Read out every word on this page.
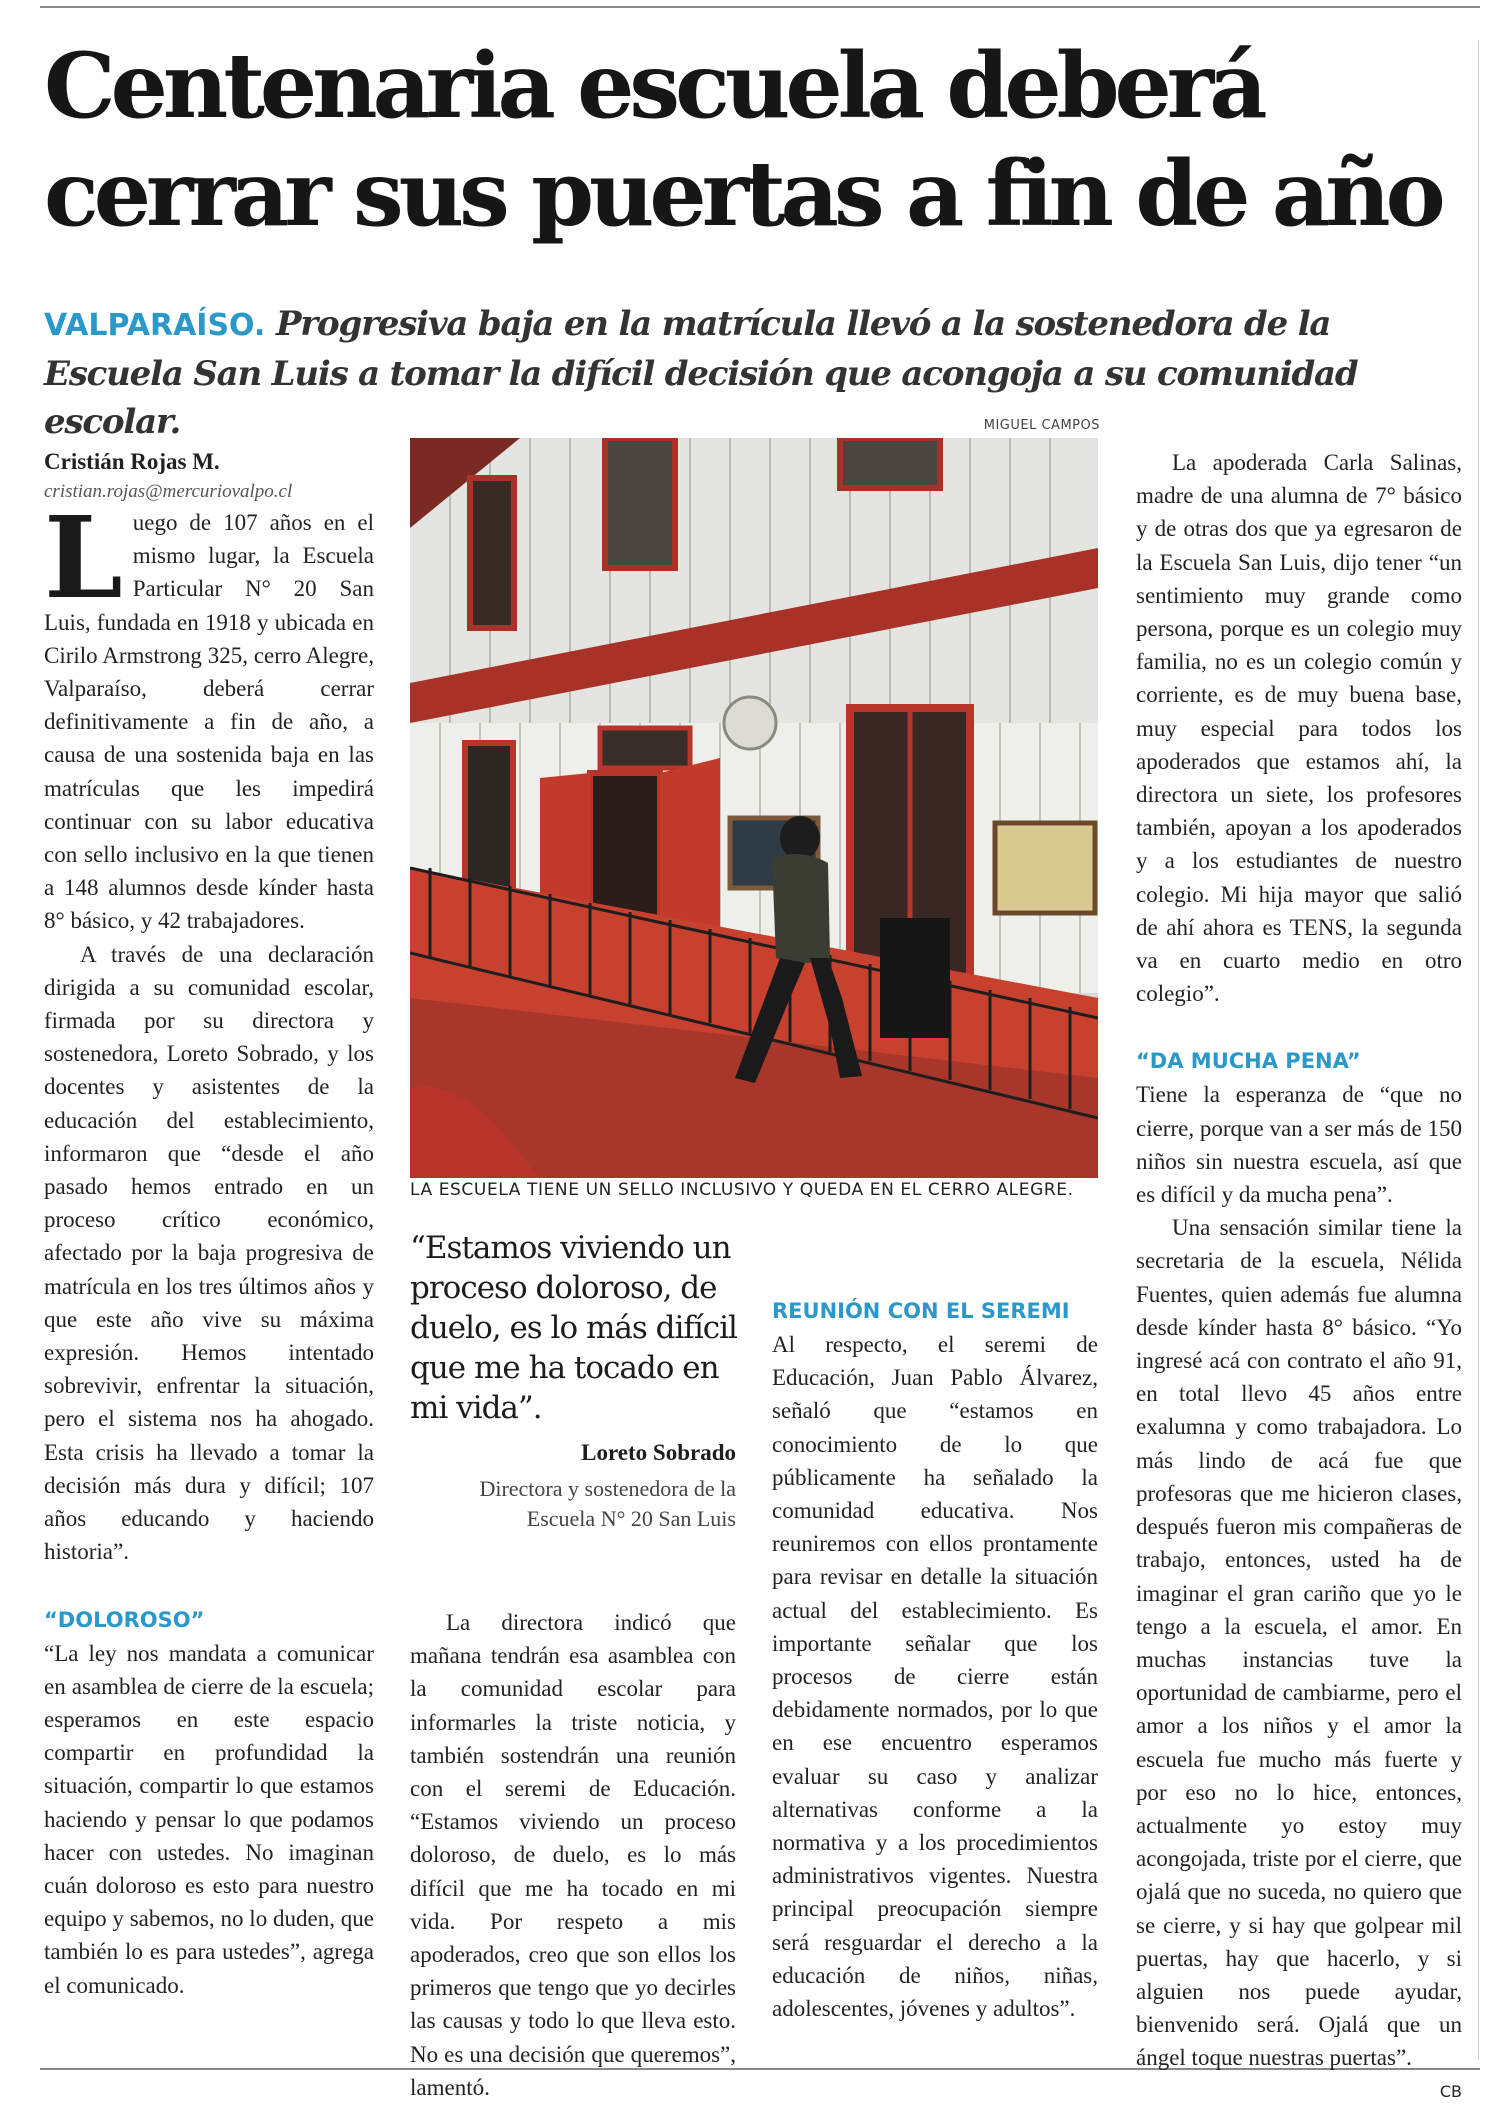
Centenaria escuela deberá cerrar sus puertas a fin de año

VALPARAÍSO. Progresiva baja en la matrícula llevó a la sostenedora de la Escuela San Luis a tomar la difícil decisión que acongoja a su comunidad escolar.

Cristián Rojas M.

cristian.rojas@mercuriovalpo.cl

Luego de 107 años en el mismo lugar, la Escuela Particular N° 20 San Luis, fundada en 1918 y ubicada en Cirilo Armstrong 325, cerro Alegre, Valparaíso, deberá cerrar definitivamente a fin de año, a causa de una sostenida baja en las matrículas que les impedirá continuar con su labor educativa con sello inclusivo en la que tienen a 148 alumnos desde kínder hasta 8° básico, y 42 trabajadores.

A través de una declaración dirigida a su comunidad escolar, firmada por su directora y sostenedora, Loreto Sobrado, y los docentes y asistentes de la educación del establecimiento, informaron que “desde el año pasado hemos entrado en un proceso crítico económico, afectado por la baja progresiva de matrícula en los tres últimos años y que este año vive su máxima expresión. Hemos intentado sobrevivir, enfrentar la situación, pero el sistema nos ha ahogado. Esta crisis ha llevado a tomar la decisión más dura y difícil; 107 años educando y haciendo historia”.

“DOLOROSO”

“La ley nos mandata a comunicar en asamblea de cierre de la escuela; esperamos en este espacio compartir en profundidad la situación, compartir lo que estamos haciendo y pensar lo que podamos hacer con ustedes. No imaginan cuán doloroso es esto para nuestro equipo y sabemos, no lo duden, que también lo es para ustedes”, agrega el comunicado.

MIGUEL CAMPOS

LA ESCUELA TIENE UN SELLO INCLUSIVO Y QUEDA EN EL CERRO ALEGRE.

“Estamos viviendo un proceso doloroso, de duelo, es lo más difícil que me ha tocado en mi vida”.

Loreto Sobrado

Directora y sostenedora de la Escuela N° 20 San Luis

La directora indicó que mañana tendrán esa asamblea con la comunidad escolar para informarles la triste noticia, y también sostendrán una reunión con el seremi de Educación. “Estamos viviendo un proceso doloroso, de duelo, es lo más difícil que me ha tocado en mi vida. Por respeto a mis apoderados, creo que son ellos los primeros que tengo que yo decirles las causas y todo lo que lleva esto. No es una decisión que queremos”, lamentó.

REUNIÓN CON EL SEREMI

Al respecto, el seremi de Educación, Juan Pablo Álvarez, señaló que “estamos en conocimiento de lo que públicamente ha señalado la comunidad educativa. Nos reuniremos con ellos prontamente para revisar en detalle la situación actual del establecimiento. Es importante señalar que los procesos de cierre están debidamente normados, por lo que en ese encuentro esperamos evaluar su caso y analizar alternativas conforme a la normativa y a los procedimientos administrativos vigentes. Nuestra principal preocupación siempre será resguardar el derecho a la educación de niños, niñas, adolescentes, jóvenes y adultos”.

La apoderada Carla Salinas, madre de una alumna de 7° básico y de otras dos que ya egresaron de la Escuela San Luis, dijo tener “un sentimiento muy grande como persona, porque es un colegio muy familia, no es un colegio común y corriente, es de muy buena base, muy especial para todos los apoderados que estamos ahí, la directora un siete, los profesores también, apoyan a los apoderados y a los estudiantes de nuestro colegio. Mi hija mayor que salió de ahí ahora es TENS, la segunda va en cuarto medio en otro colegio”.

“DA MUCHA PENA”

Tiene la esperanza de “que no cierre, porque van a ser más de 150 niños sin nuestra escuela, así que es difícil y da mucha pena”.

Una sensación similar tiene la secretaria de la escuela, Nélida Fuentes, quien además fue alumna desde kínder hasta 8° básico. “Yo ingresé acá con contrato el año 91, en total llevo 45 años entre exalumna y como trabajadora. Lo más lindo de acá fue que profesoras que me hicieron clases, después fueron mis compañeras de trabajo, entonces, usted ha de imaginar el gran cariño que yo le tengo a la escuela, el amor. En muchas instancias tuve la oportunidad de cambiarme, pero el amor a los niños y el amor la escuela fue mucho más fuerte y por eso no lo hice, entonces, actualmente yo estoy muy acongojada, triste por el cierre, que ojalá que no suceda, no quiero que se cierre, y si hay que golpear mil puertas, hay que hacerlo, y si alguien nos puede ayudar, bienvenido será. Ojalá que un ángel toque nuestras puertas”.
CB
